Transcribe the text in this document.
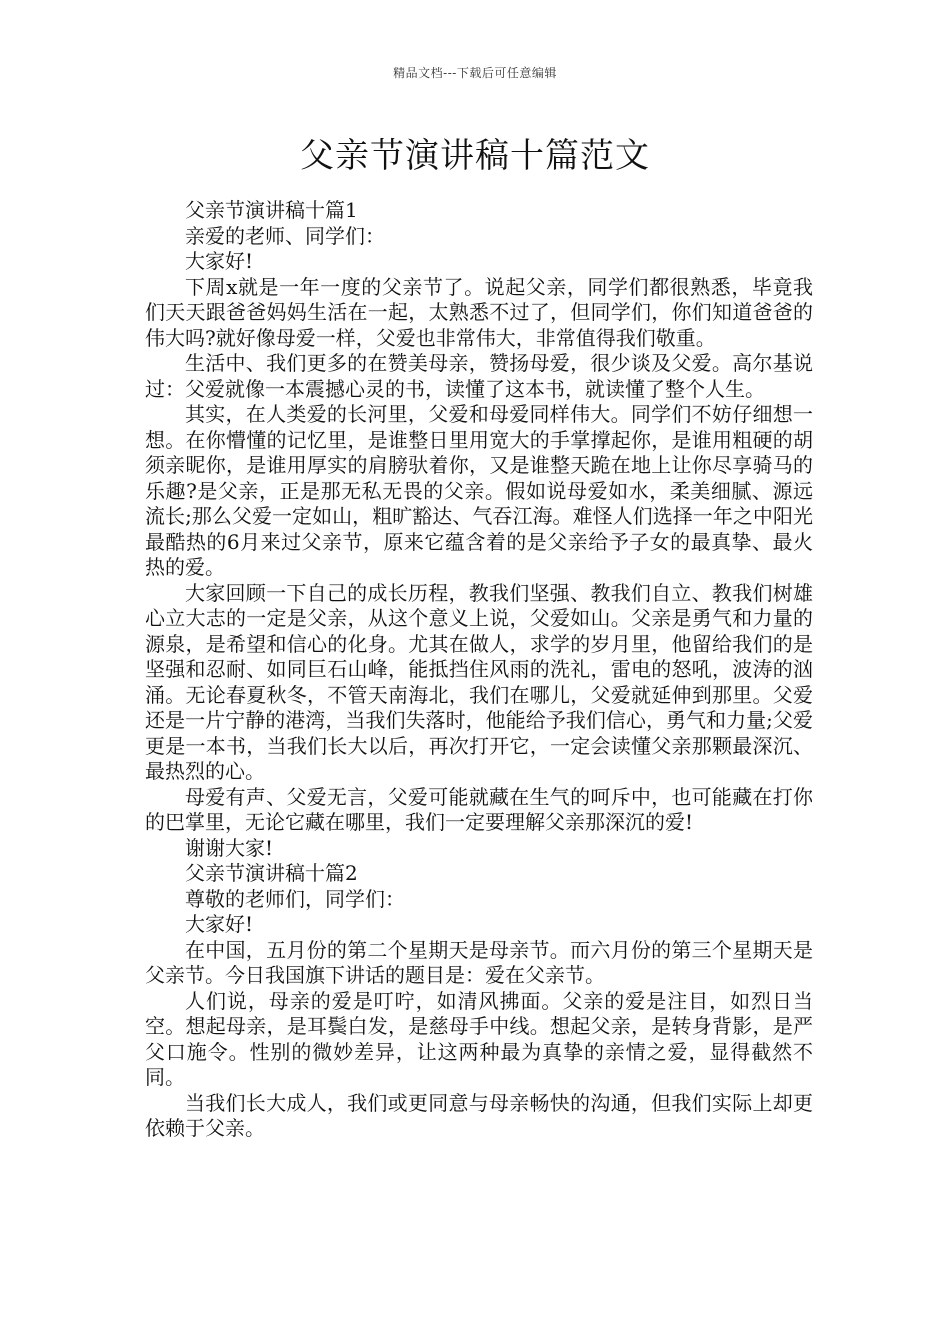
精品文档---下载后可任意编辑
父亲节演讲稿十篇范文

父亲节演讲稿十篇1

亲爱的老师、同学们：

大家好!

下周x就是一年一度的父亲节了。说起父亲，同学们都很熟悉，毕竟我们天天跟爸爸妈妈生活在一起，太熟悉不过了，但同学们，你们知道爸爸的伟大吗?就好像母爱一样，父爱也非常伟大，非常值得我们敬重。

生活中、我们更多的在赞美母亲，赞扬母爱，很少谈及父爱。高尔基说过：父爱就像一本震撼心灵的书，读懂了这本书，就读懂了整个人生。

其实，在人类爱的长河里，父爱和母爱同样伟大。同学们不妨仔细想一想。在你懵懂的记忆里，是谁整日里用宽大的手掌撑起你，是谁用粗硬的胡须亲昵你，是谁用厚实的肩膀驮着你，又是谁整天跪在地上让你尽享骑马的乐趣?是父亲，正是那无私无畏的父亲。假如说母爱如水，柔美细腻、源远流长;那么父爱一定如山，粗旷豁达、气吞江海。难怪人们选择一年之中阳光最酷热的6月来过父亲节，原来它蕴含着的是父亲给予子女的最真挚、最火热的爱。

大家回顾一下自己的成长历程，教我们坚强、教我们自立、教我们树雄心立大志的一定是父亲，从这个意义上说，父爱如山。父亲是勇气和力量的源泉，是希望和信心的化身。尤其在做人，求学的岁月里，他留给我们的是坚强和忍耐、如同巨石山峰，能抵挡住风雨的洗礼，雷电的怒吼，波涛的汹涌。无论春夏秋冬，不管天南海北，我们在哪儿，父爱就延伸到那里。父爱还是一片宁静的港湾，当我们失落时，他能给予我们信心，勇气和力量;父爱更是一本书，当我们长大以后，再次打开它，一定会读懂父亲那颗最深沉、最热烈的心。

母爱有声、父爱无言，父爱可能就藏在生气的呵斥中，也可能藏在打你的巴掌里，无论它藏在哪里，我们一定要理解父亲那深沉的爱!

谢谢大家!

父亲节演讲稿十篇2

尊敬的老师们，同学们：

大家好!

在中国，五月份的第二个星期天是母亲节。而六月份的第三个星期天是父亲节。今日我国旗下讲话的题目是：爱在父亲节。

人们说，母亲的爱是叮咛，如清风拂面。父亲的爱是注目，如烈日当空。想起母亲，是耳鬓白发，是慈母手中线。想起父亲，是转身背影，是严父口施令。性别的微妙差异，让这两种最为真挚的亲情之爱，显得截然不同。

当我们长大成人，我们或更同意与母亲畅快的沟通，但我们实际上却更依赖于父亲。
